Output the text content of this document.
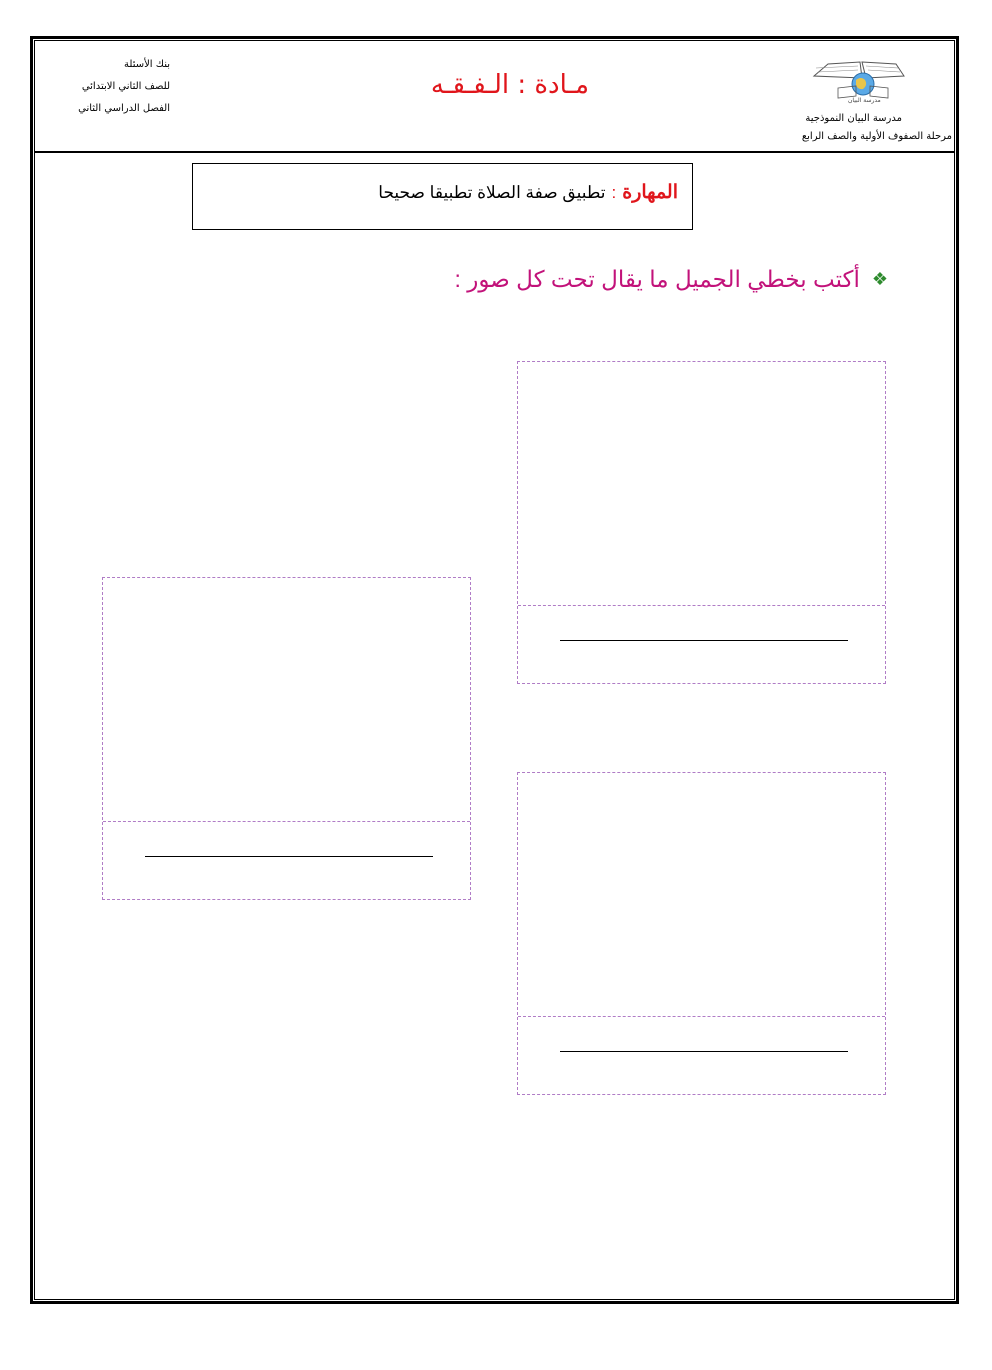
بنك الأسئلة
للصف الثاني الابتدائي
الفصل الدراسي الثاني
مـادة : الـفـقـه
مدرسة البيان
مدرسة البيان النموذجية
مرحلة الصفوف الأولية والصف الرابع
المهارة:تطبيق صفة الصلاة تطبيقا صحيحا
❖أكتب بخطي الجميل ما يقال تحت كل صور :
